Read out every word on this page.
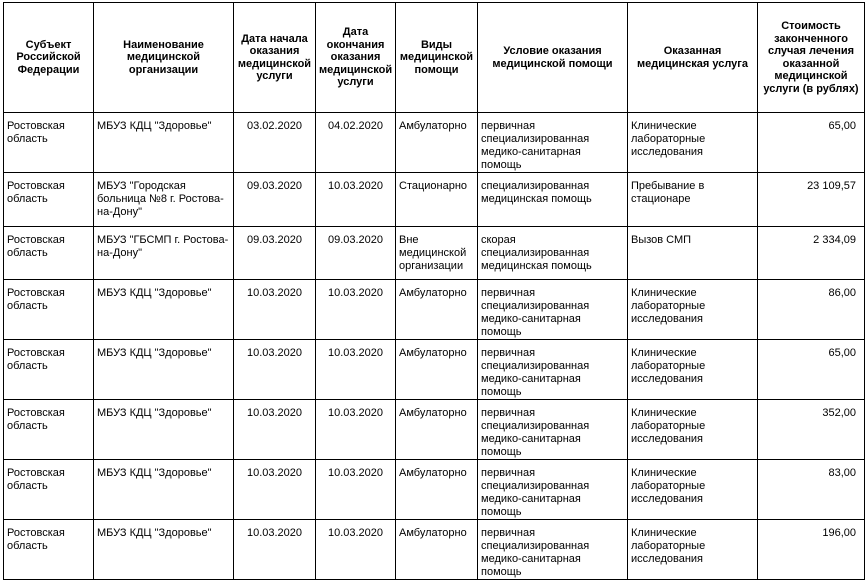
Субъект Российской Федерации	Наименование медицинской организации	Дата начала оказания медицинской услуги	Дата окончания оказания медицинской услуги	Виды медицинской помощи	Условие оказания медицинской помощи	Оказанная медицинская услуга	Стоимость законченного случая лечения оказанной медицинской услуги (в рублях)
Ростовская область	МБУЗ КДЦ "Здоровье"	03.02.2020	04.02.2020	Амбулаторно	первичная специализированная медико-санитарная помощь	Клинические лабораторные исследования	65,00
Ростовская область	МБУЗ "Городская больница №8 г. Ростова-на-Дону"	09.03.2020	10.03.2020	Стационарно	специализированная медицинская помощь	Пребывание в стационаре	23 109,57
Ростовская область	МБУЗ "ГБСМП г. Ростова-на-Дону"	09.03.2020	09.03.2020	Вне медицинской организации	скорая специализированная медицинская помощь	Вызов СМП	2 334,09
Ростовская область	МБУЗ КДЦ "Здоровье"	10.03.2020	10.03.2020	Амбулаторно	первичная специализированная медико-санитарная помощь	Клинические лабораторные исследования	86,00
Ростовская область	МБУЗ КДЦ "Здоровье"	10.03.2020	10.03.2020	Амбулаторно	первичная специализированная медико-санитарная помощь	Клинические лабораторные исследования	65,00
Ростовская область	МБУЗ КДЦ "Здоровье"	10.03.2020	10.03.2020	Амбулаторно	первичная специализированная медико-санитарная помощь	Клинические лабораторные исследования	352,00
Ростовская область	МБУЗ КДЦ "Здоровье"	10.03.2020	10.03.2020	Амбулаторно	первичная специализированная медико-санитарная помощь	Клинические лабораторные исследования	83,00
Ростовская область	МБУЗ КДЦ "Здоровье"	10.03.2020	10.03.2020	Амбулаторно	первичная специализированная медико-санитарная помощь	Клинические лабораторные исследования	196,00
